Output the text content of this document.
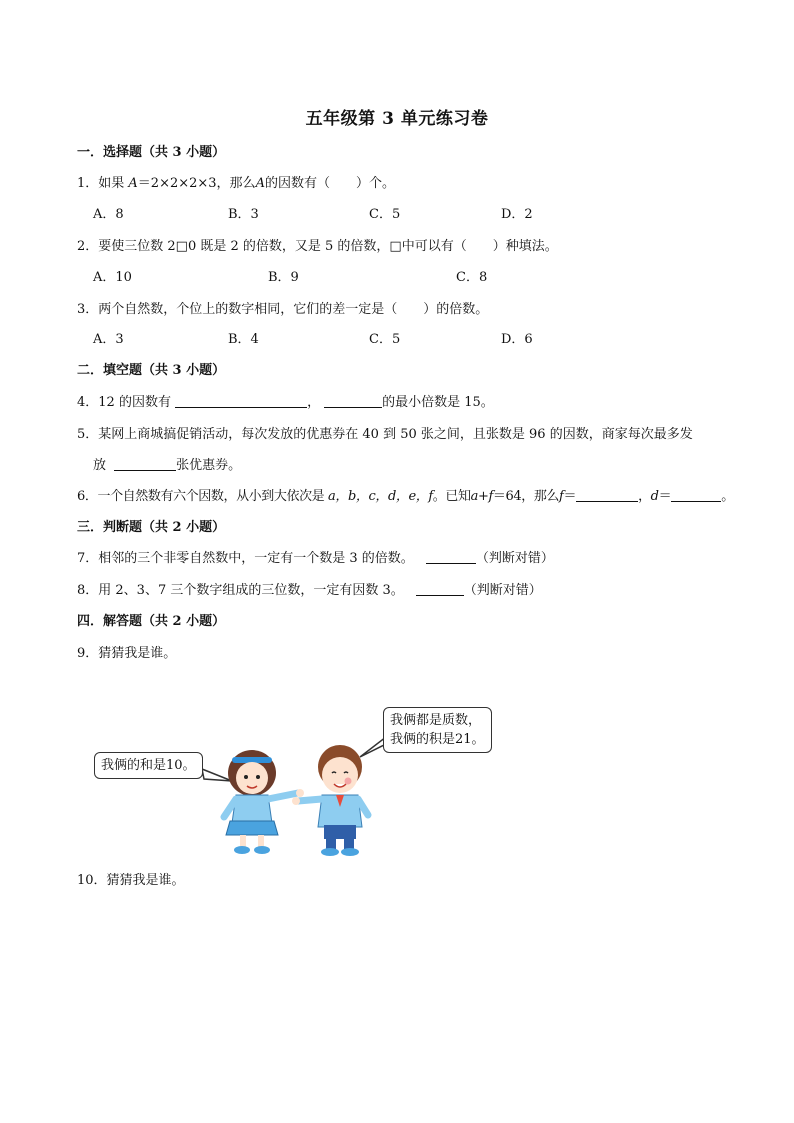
五年级第 3 单元练习卷
一．选择题（共 3 小题）
1．如果 A＝2×2×2×3，那么A的因数有（　　）个。
A．8	B．3	C．5	D．2
2．要使三位数 2□0 既是 2 的倍数，又是 5 的倍数，□中可以有（　　）种填法。
A．10	B．9	C．8
3．两个自然数，个位上的数字相同，它们的差一定是（　　）的倍数。
A．3	B．4	C．5	D．6
二．填空题（共 3 小题）
4．12 的因数有	，	的最小倍数是 15。
5．某网上商城搞促销活动，每次发放的优惠券在 40 到 50 张之间，且张数是 96 的因数，商家每次最多发
放	张优惠券。
6．一个自然数有六个因数，从小到大依次是 a，b，c，d，e，f。已知a+f＝64，那么f＝	，d＝	。
三．判断题（共 2 小题）
7．相邻的三个非零自然数中，一定有一个数是 3 的倍数。	（判断对错）
8．用 2、3、7 三个数字组成的三位数，一定有因数 3。	（判断对错）
四．解答题（共 2 小题）
9．猜猜我是谁。
我俩的和是10。
我俩都是质数，
我俩的积是21。
10．猜猜我是谁。
